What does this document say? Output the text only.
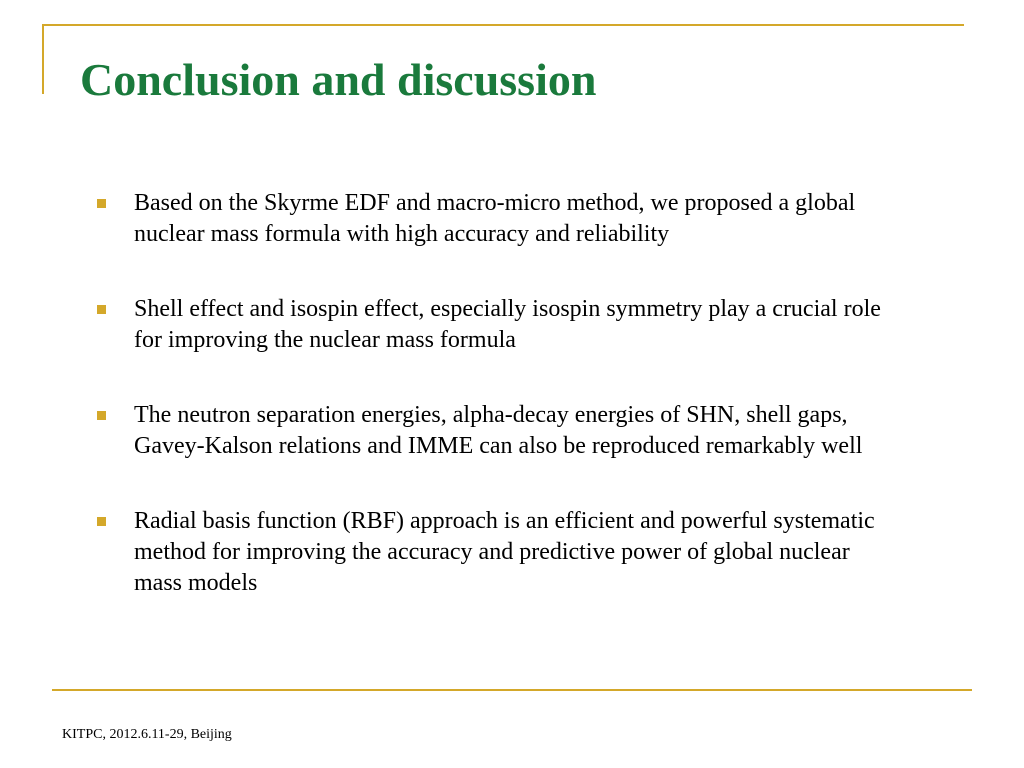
Conclusion and discussion
Based on the Skyrme EDF and macro-micro method, we proposed a global nuclear mass formula with high accuracy and reliability
Shell effect and isospin effect, especially isospin symmetry play a crucial role for improving the nuclear mass formula
The neutron separation energies, alpha-decay energies of SHN, shell gaps, Gavey-Kalson relations and IMME can also be reproduced remarkably well
Radial basis function (RBF) approach is an efficient and powerful systematic method for improving the accuracy and predictive power of global nuclear mass models
KITPC, 2012.6.11-29, Beijing
